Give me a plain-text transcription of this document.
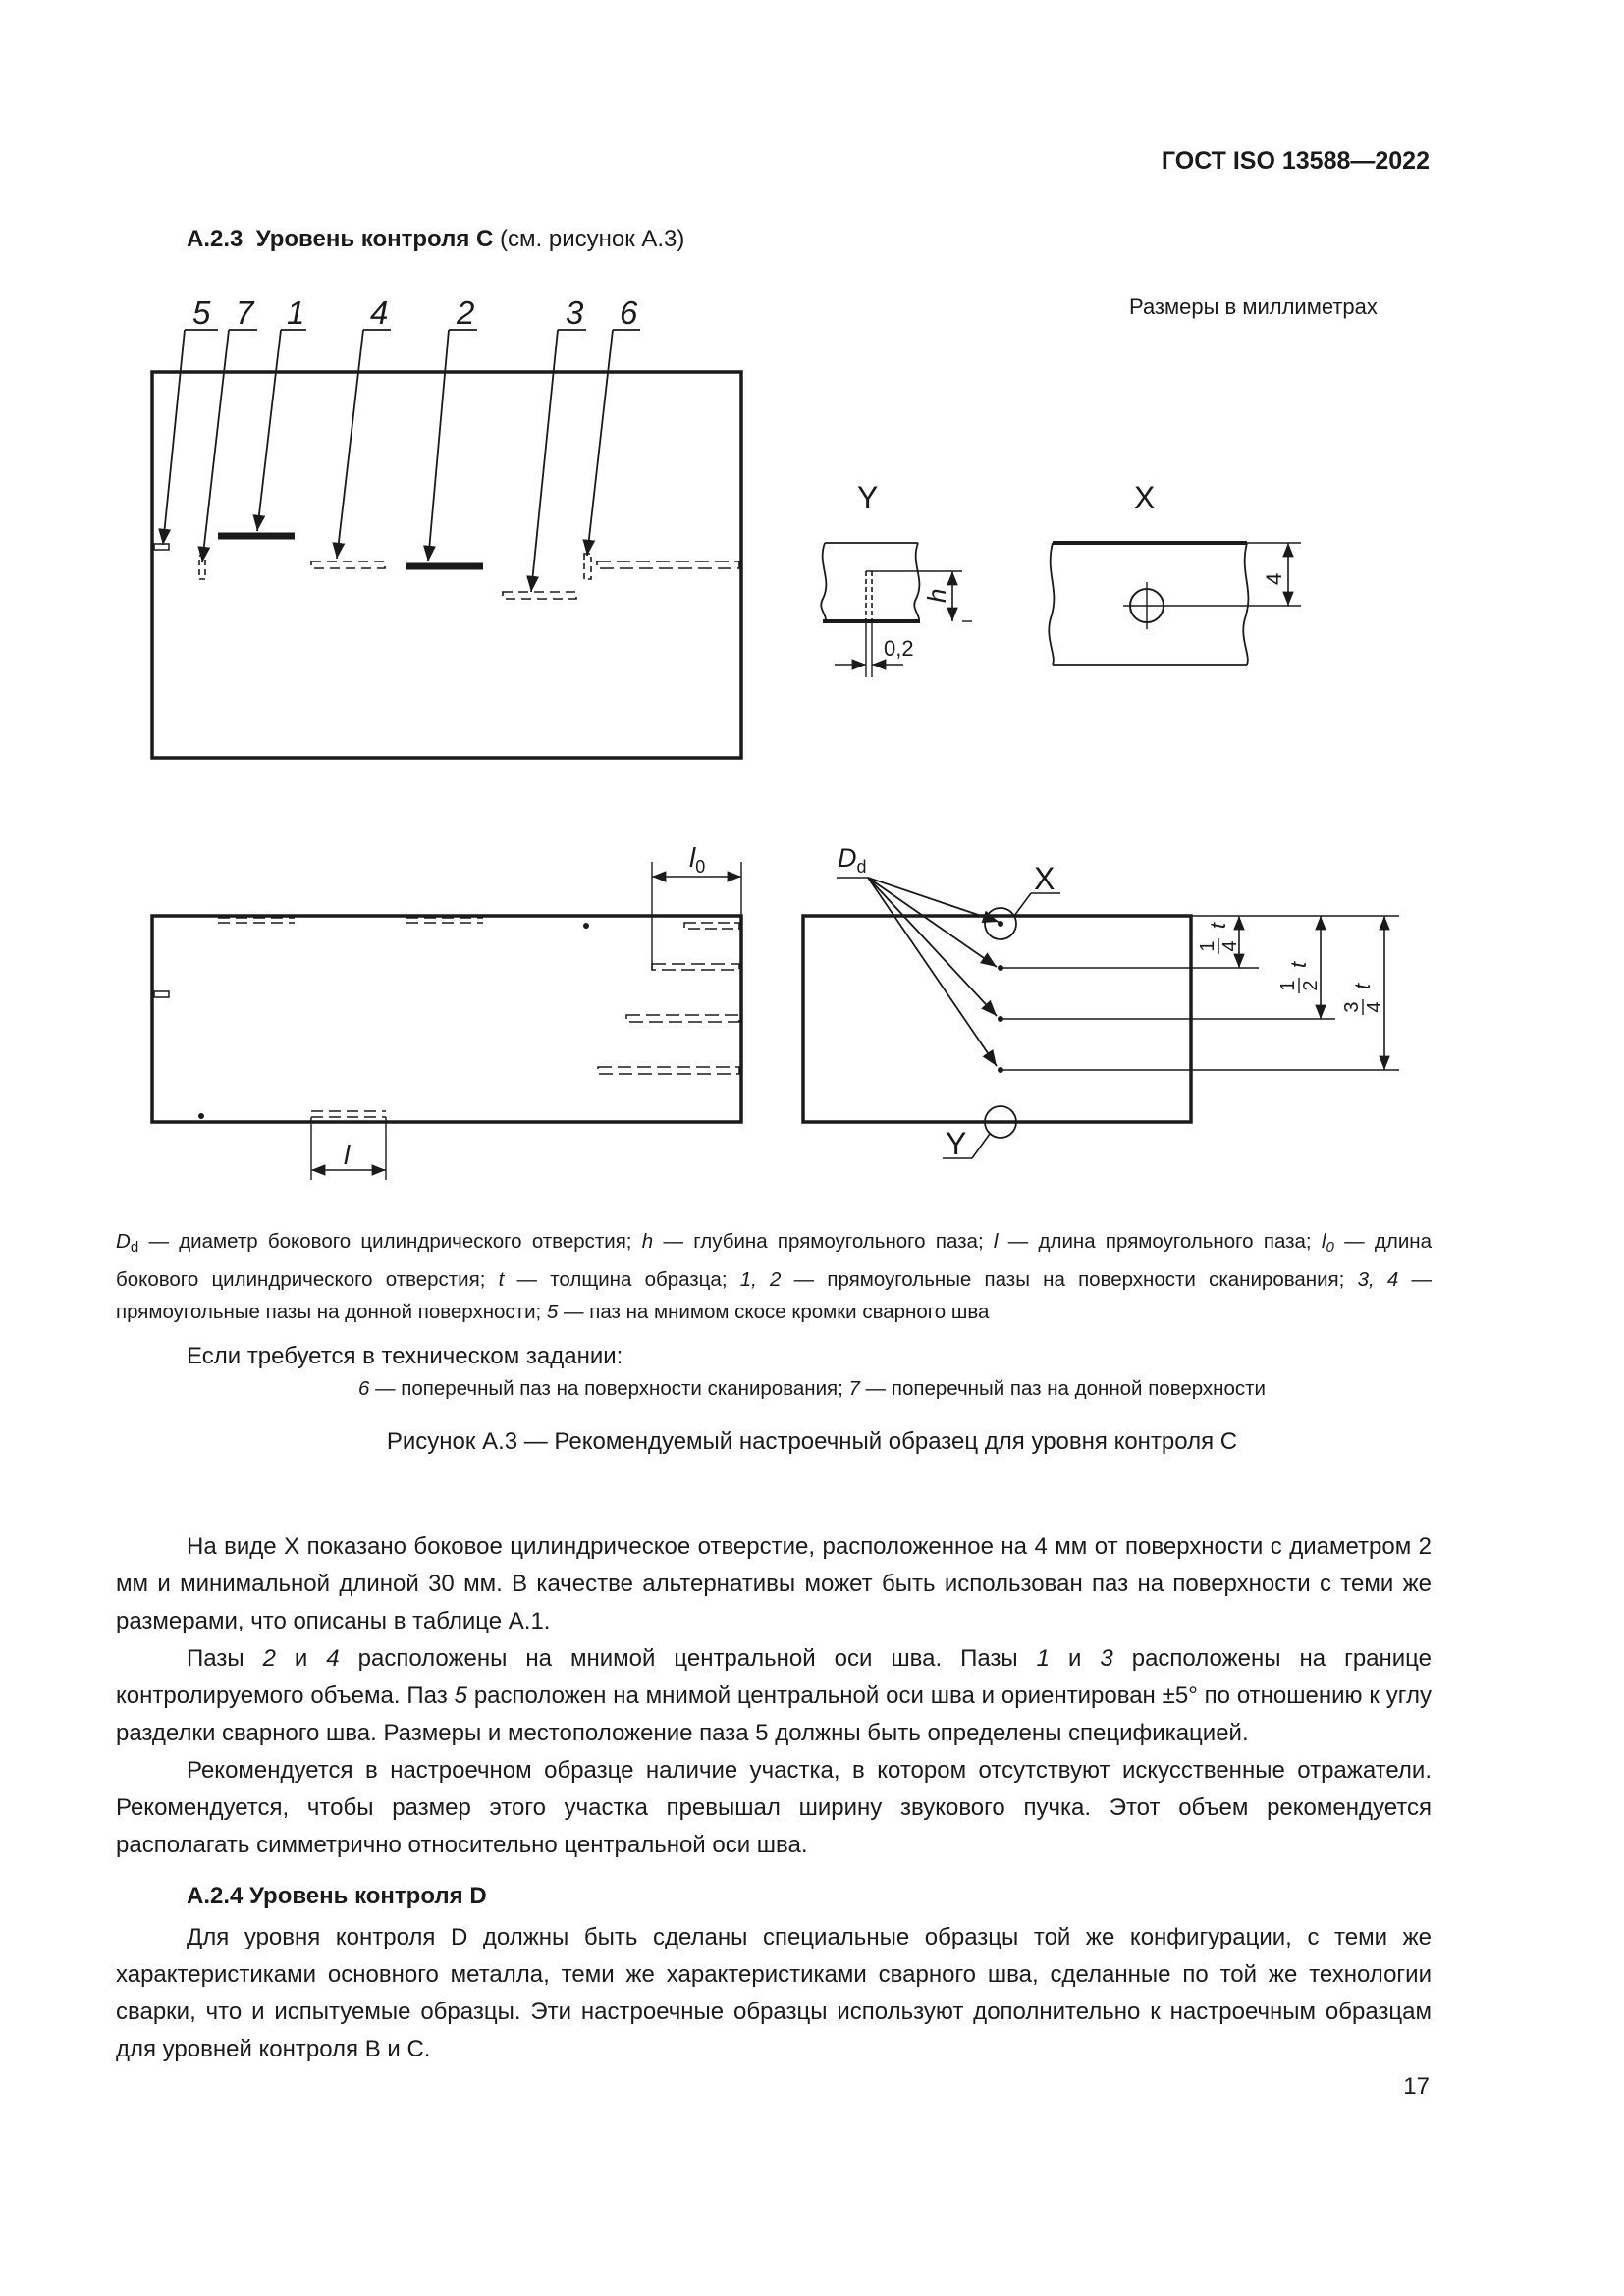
ГОСТ ISO 13588—2022
A.2.3 Уровень контроля С (см. рисунок А.3)
Размеры в миллиметрах
5 7 1 4 2	3 6
Y
h
0,2
X
4
$l_0$
l
$D_d$	X
Y
1 4
t
1 2
t
3 4
t
$D_d$ — диаметр бокового цилиндрического отверстия; h — глубина прямоугольного паза; l — длина прямоугольного паза; $l_0$ — длина бокового цилиндрического отверстия; t — толщина образца; 1, 2 — прямоугольные пазы на поверхности сканирования; 3, 4 — прямоугольные пазы на донной поверхности; 5 — паз на мнимом скосе кромки сварного шва
Если требуется в техническом задании:
6 — поперечный паз на поверхности сканирования; 7 — поперечный паз на донной поверхности
Рисунок А.3 — Рекомендуемый настроечный образец для уровня контроля С

На виде X показано боковое цилиндрическое отверстие, расположенное на 4 мм от поверхности с диаметром 2 мм и минимальной длиной 30 мм. В качестве альтернативы может быть использован паз на поверхности с теми же размерами, что описаны в таблице А.1.

Пазы 2 и 4 расположены на мнимой центральной оси шва. Пазы 1 и 3 расположены на границе контролируемого объема. Паз 5 расположен на мнимой центральной оси шва и ориентирован ±5° по отношению к углу разделки сварного шва. Размеры и местоположение паза 5 должны быть определены спецификацией.

Рекомендуется в настроечном образце наличие участка, в котором отсутствуют искусственные отражатели. Рекомендуется, чтобы размер этого участка превышал ширину звукового пучка. Этот объем рекомендуется располагать симметрично относительно центральной оси шва.

А.2.4 Уровень контроля D

Для уровня контроля D должны быть сделаны специальные образцы той же конфигурации, с теми же характеристиками основного металла, теми же характеристиками сварного шва, сделанные по той же технологии сварки, что и испытуемые образцы. Эти настроечные образцы используют дополнительно к настроечным образцам для уровней контроля B и C.

17
